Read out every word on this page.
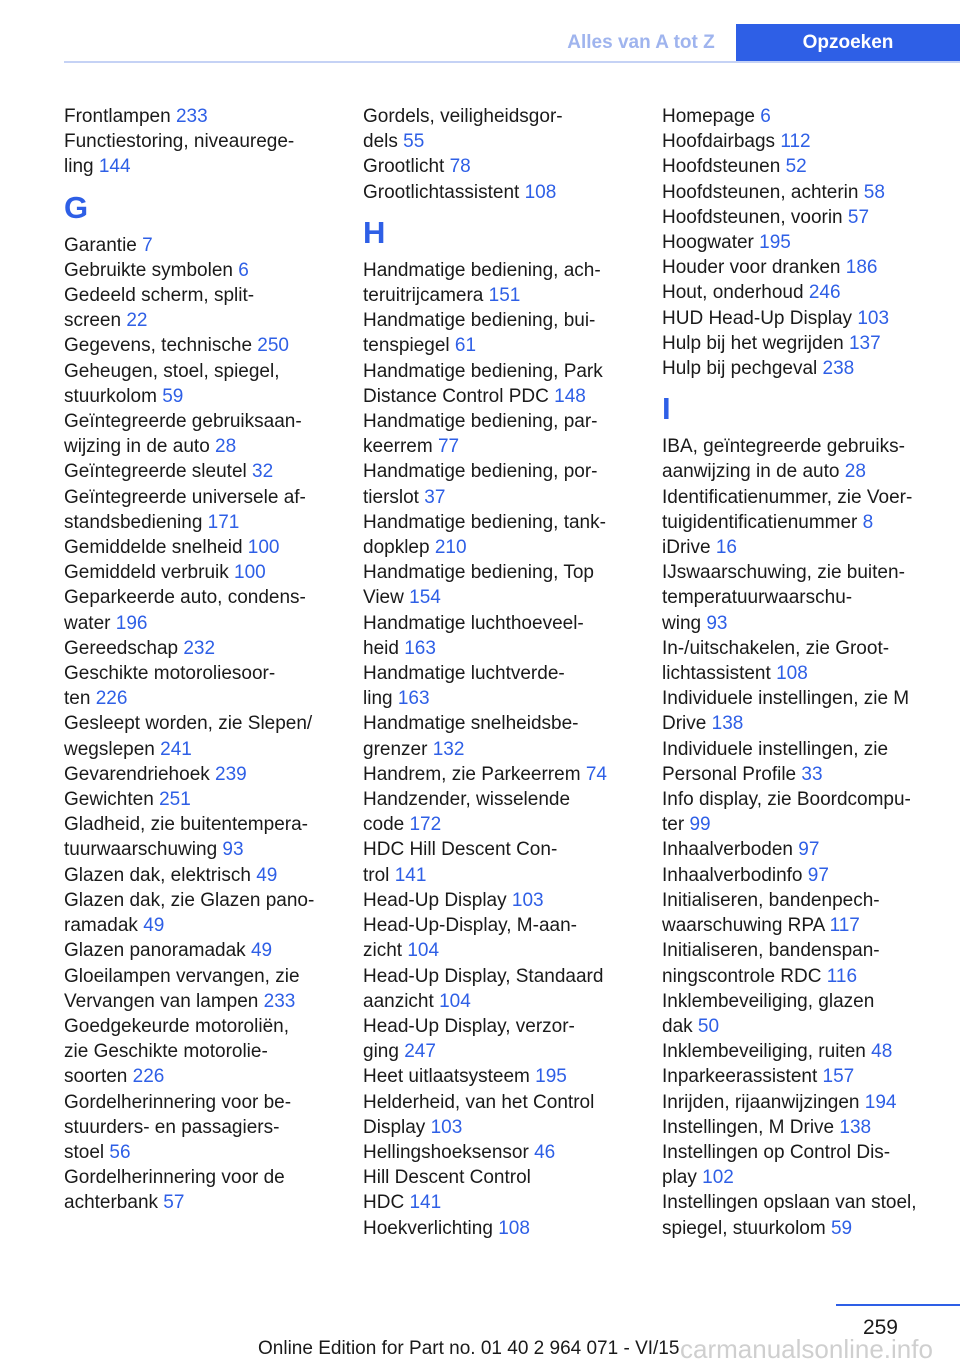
Alles van A tot Z	Opzoeken
Frontlampen 233
Functiestoring, niveaurege-
ling 144
G
Garantie 7
Gebruikte symbolen 6
Gedeeld scherm, split-
screen 22
Gegevens, technische 250
Geheugen, stoel, spiegel,
stuurkolom 59
Geïntegreerde gebruiksaan-
wijzing in de auto 28
Geïntegreerde sleutel 32
Geïntegreerde universele af-
standsbediening 171
Gemiddelde snelheid 100
Gemiddeld verbruik 100
Geparkeerde auto, condens-
water 196
Gereedschap 232
Geschikte motoroliesoor-
ten 226
Gesleept worden, zie Slepen/
wegslepen 241
Gevarendriehoek 239
Gewichten 251
Gladheid, zie buitentempera-
tuurwaarschuwing 93
Glazen dak, elektrisch 49
Glazen dak, zie Glazen pano-
ramadak 49
Glazen panoramadak 49
Gloeilampen vervangen, zie
Vervangen van lampen 233
Goedgekeurde motoroliën,
zie Geschikte motorolie-
soorten 226
Gordelherinnering voor be-
stuurders- en passagiers-
stoel 56
Gordelherinnering voor de
achterbank 57
Gordels, veiligheidsgor-
dels 55
Grootlicht 78
Grootlichtassistent 108
H
Handmatige bediening, ach-
teruitrijcamera 151
Handmatige bediening, bui-
tenspiegel 61
Handmatige bediening, Park
Distance Control PDC 148
Handmatige bediening, par-
keerrem 77
Handmatige bediening, por-
tierslot 37
Handmatige bediening, tank-
dopklep 210
Handmatige bediening, Top
View 154
Handmatige luchthoeveel-
heid 163
Handmatige luchtverde-
ling 163
Handmatige snelheidsbe-
grenzer 132
Handrem, zie Parkeerrem 74
Handzender, wisselende
code 172
HDC Hill Descent Con-
trol 141
Head-Up Display 103
Head-Up-Display, M-aan-
zicht 104
Head-Up Display, Standaard
aanzicht 104
Head-Up Display, verzor-
ging 247
Heet uitlaatsysteem 195
Helderheid, van het Control
Display 103
Hellingshoeksensor 46
Hill Descent Control
HDC 141
Hoekverlichting 108
Homepage 6
Hoofdairbags 112
Hoofdsteunen 52
Hoofdsteunen, achterin 58
Hoofdsteunen, voorin 57
Hoogwater 195
Houder voor dranken 186
Hout, onderhoud 246
HUD Head-Up Display 103
Hulp bij het wegrijden 137
Hulp bij pechgeval 238
I
IBA, geïntegreerde gebruiks-
aanwijzing in de auto 28
Identificatienummer, zie Voer-
tuigidentificatienummer 8
iDrive 16
IJswaarschuwing, zie buiten-
temperatuurwaarschu-
wing 93
In-/uitschakelen, zie Groot-
lichtassistent 108
Individuele instellingen, zie M
Drive 138
Individuele instellingen, zie
Personal Profile 33
Info display, zie Boordcompu-
ter 99
Inhaalverboden 97
Inhaalverbodinfo 97
Initialiseren, bandenpech-
waarschuwing RPA 117
Initialiseren, bandenspan-
ningscontrole RDC 116
Inklembeveiliging, glazen
dak 50
Inklembeveiliging, ruiten 48
Inparkeerassistent 157
Inrijden, rijaanwijzingen 194
Instellingen, M Drive 138
Instellingen op Control Dis-
play 102
Instellingen opslaan van stoel,
spiegel, stuurkolom 59
259
Online Edition for Part no. 01 40 2 964 071 - VI/15 carmanualsonline.info
